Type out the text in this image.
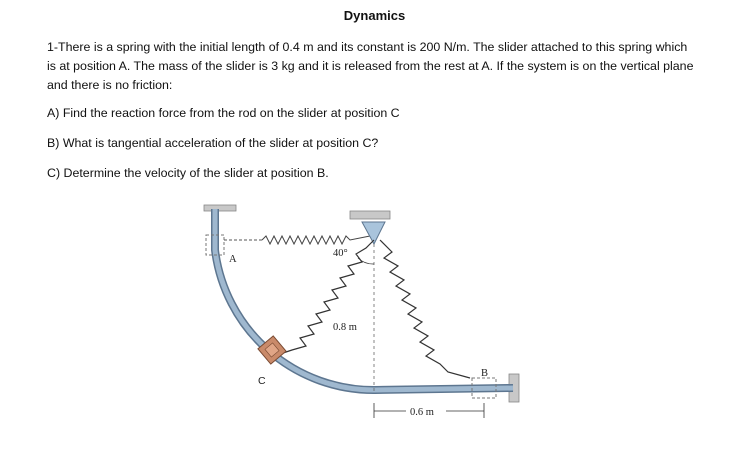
Dynamics

1-There is a spring with the initial length of 0.4 m and its constant is 200 N/m. The slider attached to this spring which is at position A. The mass of the slider is 3 kg and it is released from the rest at A. If the system is on the vertical plane and there is no friction:

A) Find the reaction force from the rod on the slider at position C

B) What is tangential acceleration of the slider at position C?

C) Determine the velocity of the slider at position B.

A
C
B
40°
0.8 m
0.6 m
